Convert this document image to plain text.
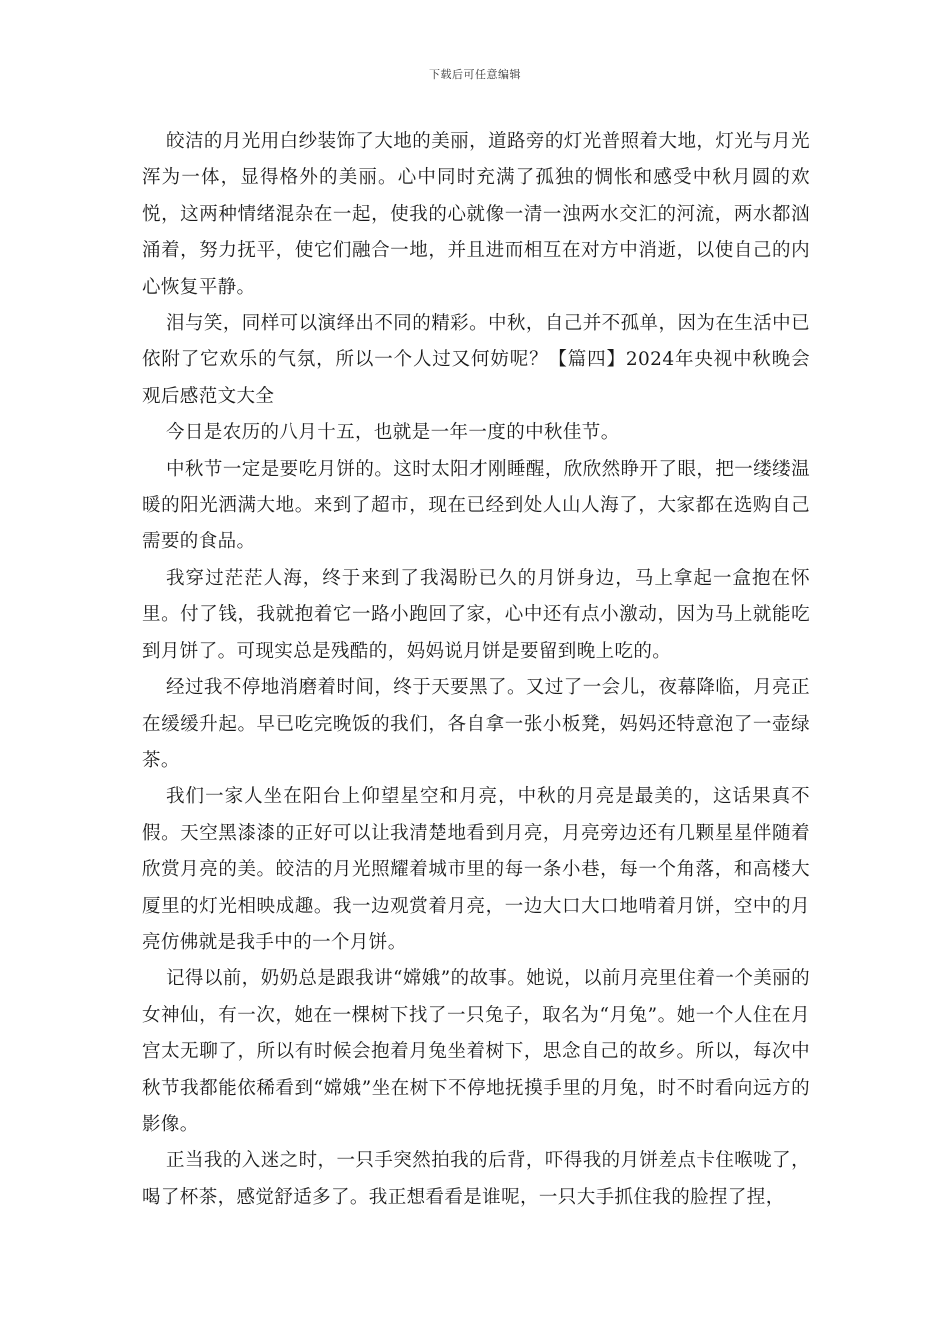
下载后可任意编辑

皎洁的月光用白纱装饰了大地的美丽，道路旁的灯光普照着大地，灯光与月光浑为一体，显得格外的美丽。心中同时充满了孤独的惆怅和感受中秋月圆的欢悦，这两种情绪混杂在一起，使我的心就像一清一浊两水交汇的河流，两水都汹涌着，努力抚平，使它们融合一地，并且进而相互在对方中消逝，以使自己的内心恢复平静。

泪与笑，同样可以演绎出不同的精彩。中秋，自己并不孤单，因为在生活中已依附了它欢乐的气氛，所以一个人过又何妨呢？【篇四】2024年央视中秋晚会观后感范文大全

今日是农历的八月十五，也就是一年一度的中秋佳节。

中秋节一定是要吃月饼的。这时太阳才刚睡醒，欣欣然睁开了眼，把一缕缕温暖的阳光洒满大地。来到了超市，现在已经到处人山人海了，大家都在选购自己需要的食品。

我穿过茫茫人海，终于来到了我渴盼已久的月饼身边，马上拿起一盒抱在怀里。付了钱，我就抱着它一路小跑回了家，心中还有点小激动，因为马上就能吃到月饼了。可现实总是残酷的，妈妈说月饼是要留到晚上吃的。

经过我不停地消磨着时间，终于天要黑了。又过了一会儿，夜幕降临，月亮正在缓缓升起。早已吃完晚饭的我们，各自拿一张小板凳，妈妈还特意泡了一壶绿茶。

我们一家人坐在阳台上仰望星空和月亮，中秋的月亮是最美的，这话果真不假。天空黑漆漆的正好可以让我清楚地看到月亮，月亮旁边还有几颗星星伴随着欣赏月亮的美。皎洁的月光照耀着城市里的每一条小巷，每一个角落，和高楼大厦里的灯光相映成趣。我一边观赏着月亮，一边大口大口地啃着月饼，空中的月亮仿佛就是我手中的一个月饼。

记得以前，奶奶总是跟我讲“嫦娥”的故事。她说，以前月亮里住着一个美丽的女神仙，有一次，她在一棵树下找了一只兔子，取名为“月兔”。她一个人住在月宫太无聊了，所以有时候会抱着月兔坐着树下，思念自己的故乡。所以，每次中秋节我都能依稀看到“嫦娥”坐在树下不停地抚摸手里的月兔，时不时看向远方的影像。

正当我的入迷之时，一只手突然拍我的后背，吓得我的月饼差点卡住喉咙了，喝了杯茶，感觉舒适多了。我正想看看是谁呢，一只大手抓住我的脸捏了捏，
